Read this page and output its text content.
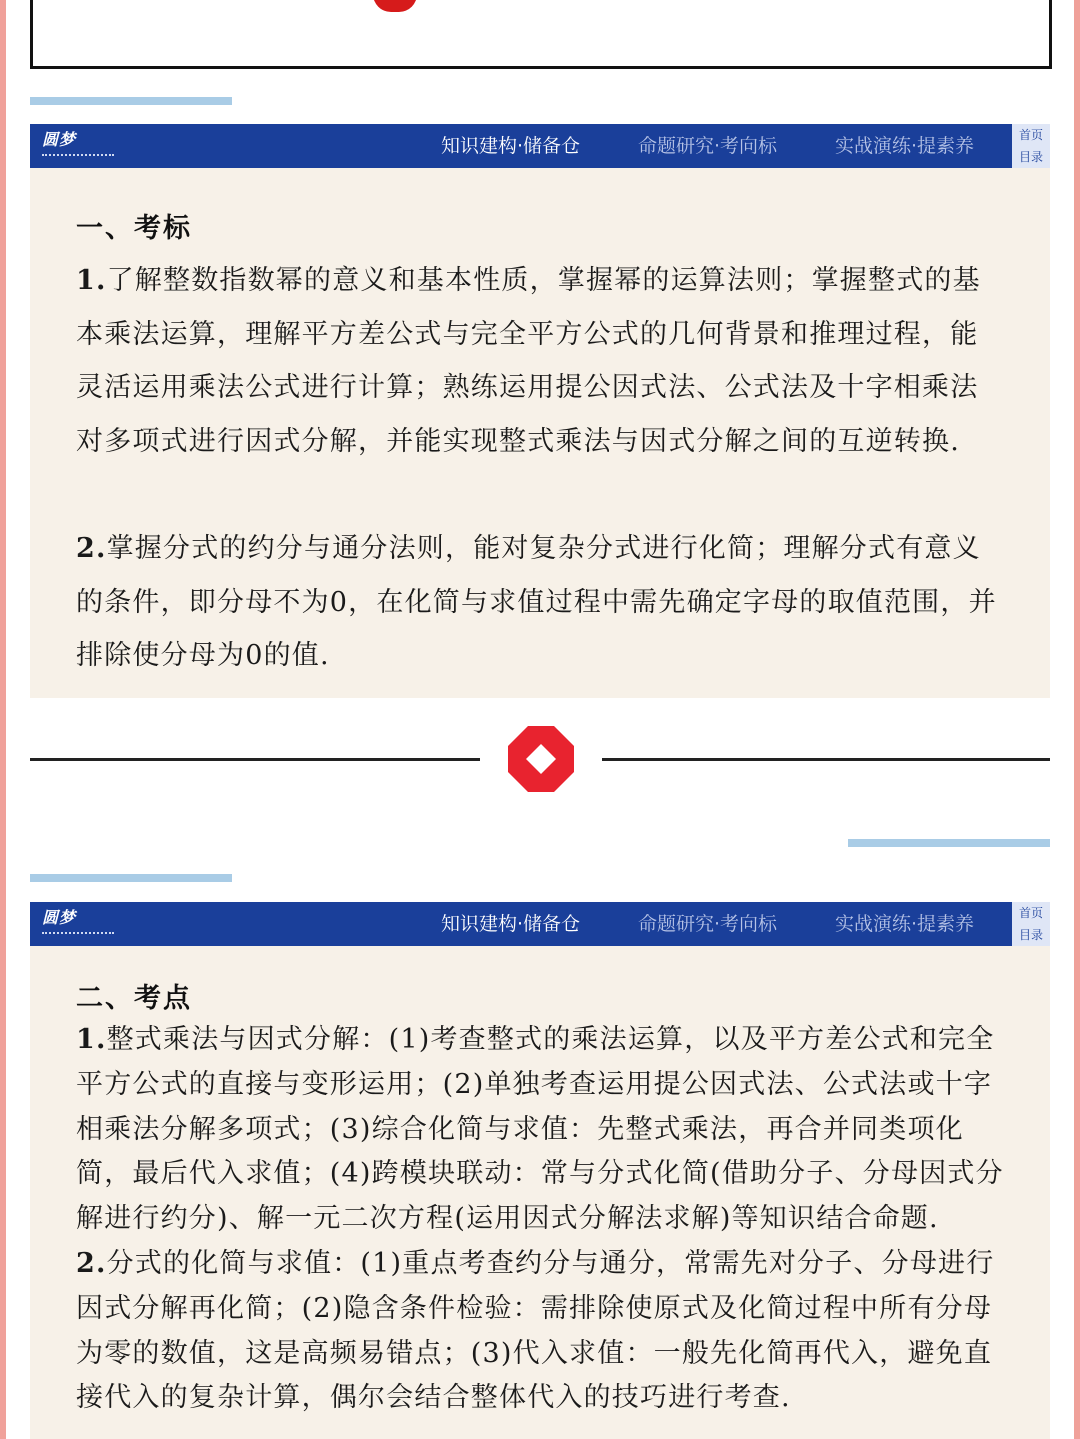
圆梦	知识建构·储备仓	命题研究·考向标	实战演练·提素养	首页
目录
一、考标

1.了解整数指数幂的意义和基本性质，掌握幂的运算法则；掌握整式的基本乘法运算，理解平方差公式与完全平方公式的几何背景和推理过程，能灵活运用乘法公式进行计算；熟练运用提公因式法、公式法及十字相乘法对多项式进行因式分解，并能实现整式乘法与因式分解之间的互逆转换.

2.掌握分式的约分与通分法则，能对复杂分式进行化简；理解分式有意义的条件，即分母不为0，在化简与求值过程中需先确定字母的取值范围，并排除使分母为0的值.

圆梦	知识建构·储备仓	命题研究·考向标	实战演练·提素养	首页
目录
二、考点

1.整式乘法与因式分解：(1)考查整式的乘法运算，以及平方差公式和完全平方公式的直接与变形运用；(2)单独考查运用提公因式法、公式法或十字相乘法分解多项式；(3)综合化简与求值：先整式乘法，再合并同类项化简，最后代入求值；(4)跨模块联动：常与分式化简(借助分子、分母因式分解进行约分)、解一元二次方程(运用因式分解法求解)等知识结合命题.

2.分式的化简与求值：(1)重点考查约分与通分，常需先对分子、分母进行因式分解再化简；(2)隐含条件检验：需排除使原式及化简过程中所有分母为零的数值，这是高频易错点；(3)代入求值：一般先化简再代入，避免直接代入的复杂计算，偶尔会结合整体代入的技巧进行考查.
